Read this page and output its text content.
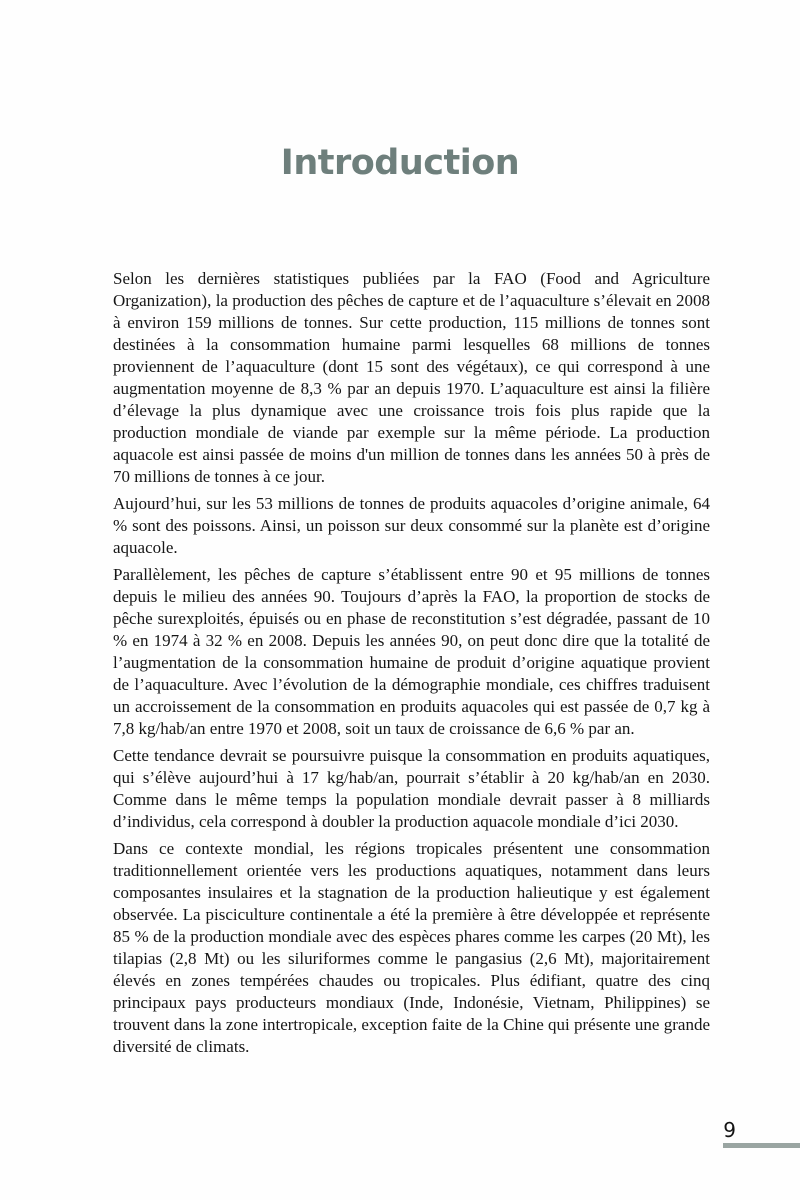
Introduction

Selon les dernières statistiques publiées par la FAO (Food and Agriculture Organization), la production des pêches de capture et de l’aquaculture s’élevait en 2008 à environ 159 millions de tonnes. Sur cette production, 115 millions de tonnes sont destinées à la consommation humaine parmi lesquelles 68 millions de tonnes proviennent de l’aquaculture (dont 15 sont des végétaux), ce qui correspond à une augmentation moyenne de 8,3 % par an depuis 1970. L’aquaculture est ainsi la filière d’élevage la plus dynamique avec une croissance trois fois plus rapide que la production mondiale de viande par exemple sur la même période. La production aquacole est ainsi passée de moins d'un million de tonnes dans les années 50 à près de 70 millions de tonnes à ce jour.

Aujourd’hui, sur les 53 millions de tonnes de produits aquacoles d’origine animale, 64 % sont des poissons. Ainsi, un poisson sur deux consommé sur la planète est d’origine aquacole.

Parallèlement, les pêches de capture s’établissent entre 90 et 95 millions de tonnes depuis le milieu des années 90. Toujours d’après la FAO, la proportion de stocks de pêche surexploités, épuisés ou en phase de reconstitution s’est dégradée, passant de 10 % en 1974 à 32 % en 2008. Depuis les années 90, on peut donc dire que la totalité de l’augmentation de la consommation humaine de produit d’origine aquatique provient de l’aquaculture. Avec l’évolution de la démographie mondiale, ces chiffres traduisent un accroissement de la consommation en produits aquacoles qui est passée de 0,7 kg à 7,8 kg/hab/an entre 1970 et 2008, soit un taux de croissance de 6,6 % par an.

Cette tendance devrait se poursuivre puisque la consommation en produits aquatiques, qui s’élève aujourd’hui à 17 kg/hab/an, pourrait s’établir à 20 kg/hab/an en 2030. Comme dans le même temps la population mondiale devrait passer à 8 milliards d’individus, cela correspond à doubler la production aquacole mondiale d’ici 2030.

Dans ce contexte mondial, les régions tropicales présentent une consommation traditionnellement orientée vers les productions aquatiques, notamment dans leurs composantes insulaires et la stagnation de la production halieutique y est également observée. La pisciculture continentale a été la première à être développée et représente 85 % de la production mondiale avec des espèces phares comme les carpes (20 Mt), les tilapias (2,8 Mt) ou les siluriformes comme le pangasius (2,6 Mt), majoritairement élevés en zones tempérées chaudes ou tropicales. Plus édifiant, quatre des cinq principaux pays producteurs mondiaux (Inde, Indonésie, Vietnam, Philippines) se trouvent dans la zone intertropicale, exception faite de la Chine qui présente une grande diversité de climats.

9
